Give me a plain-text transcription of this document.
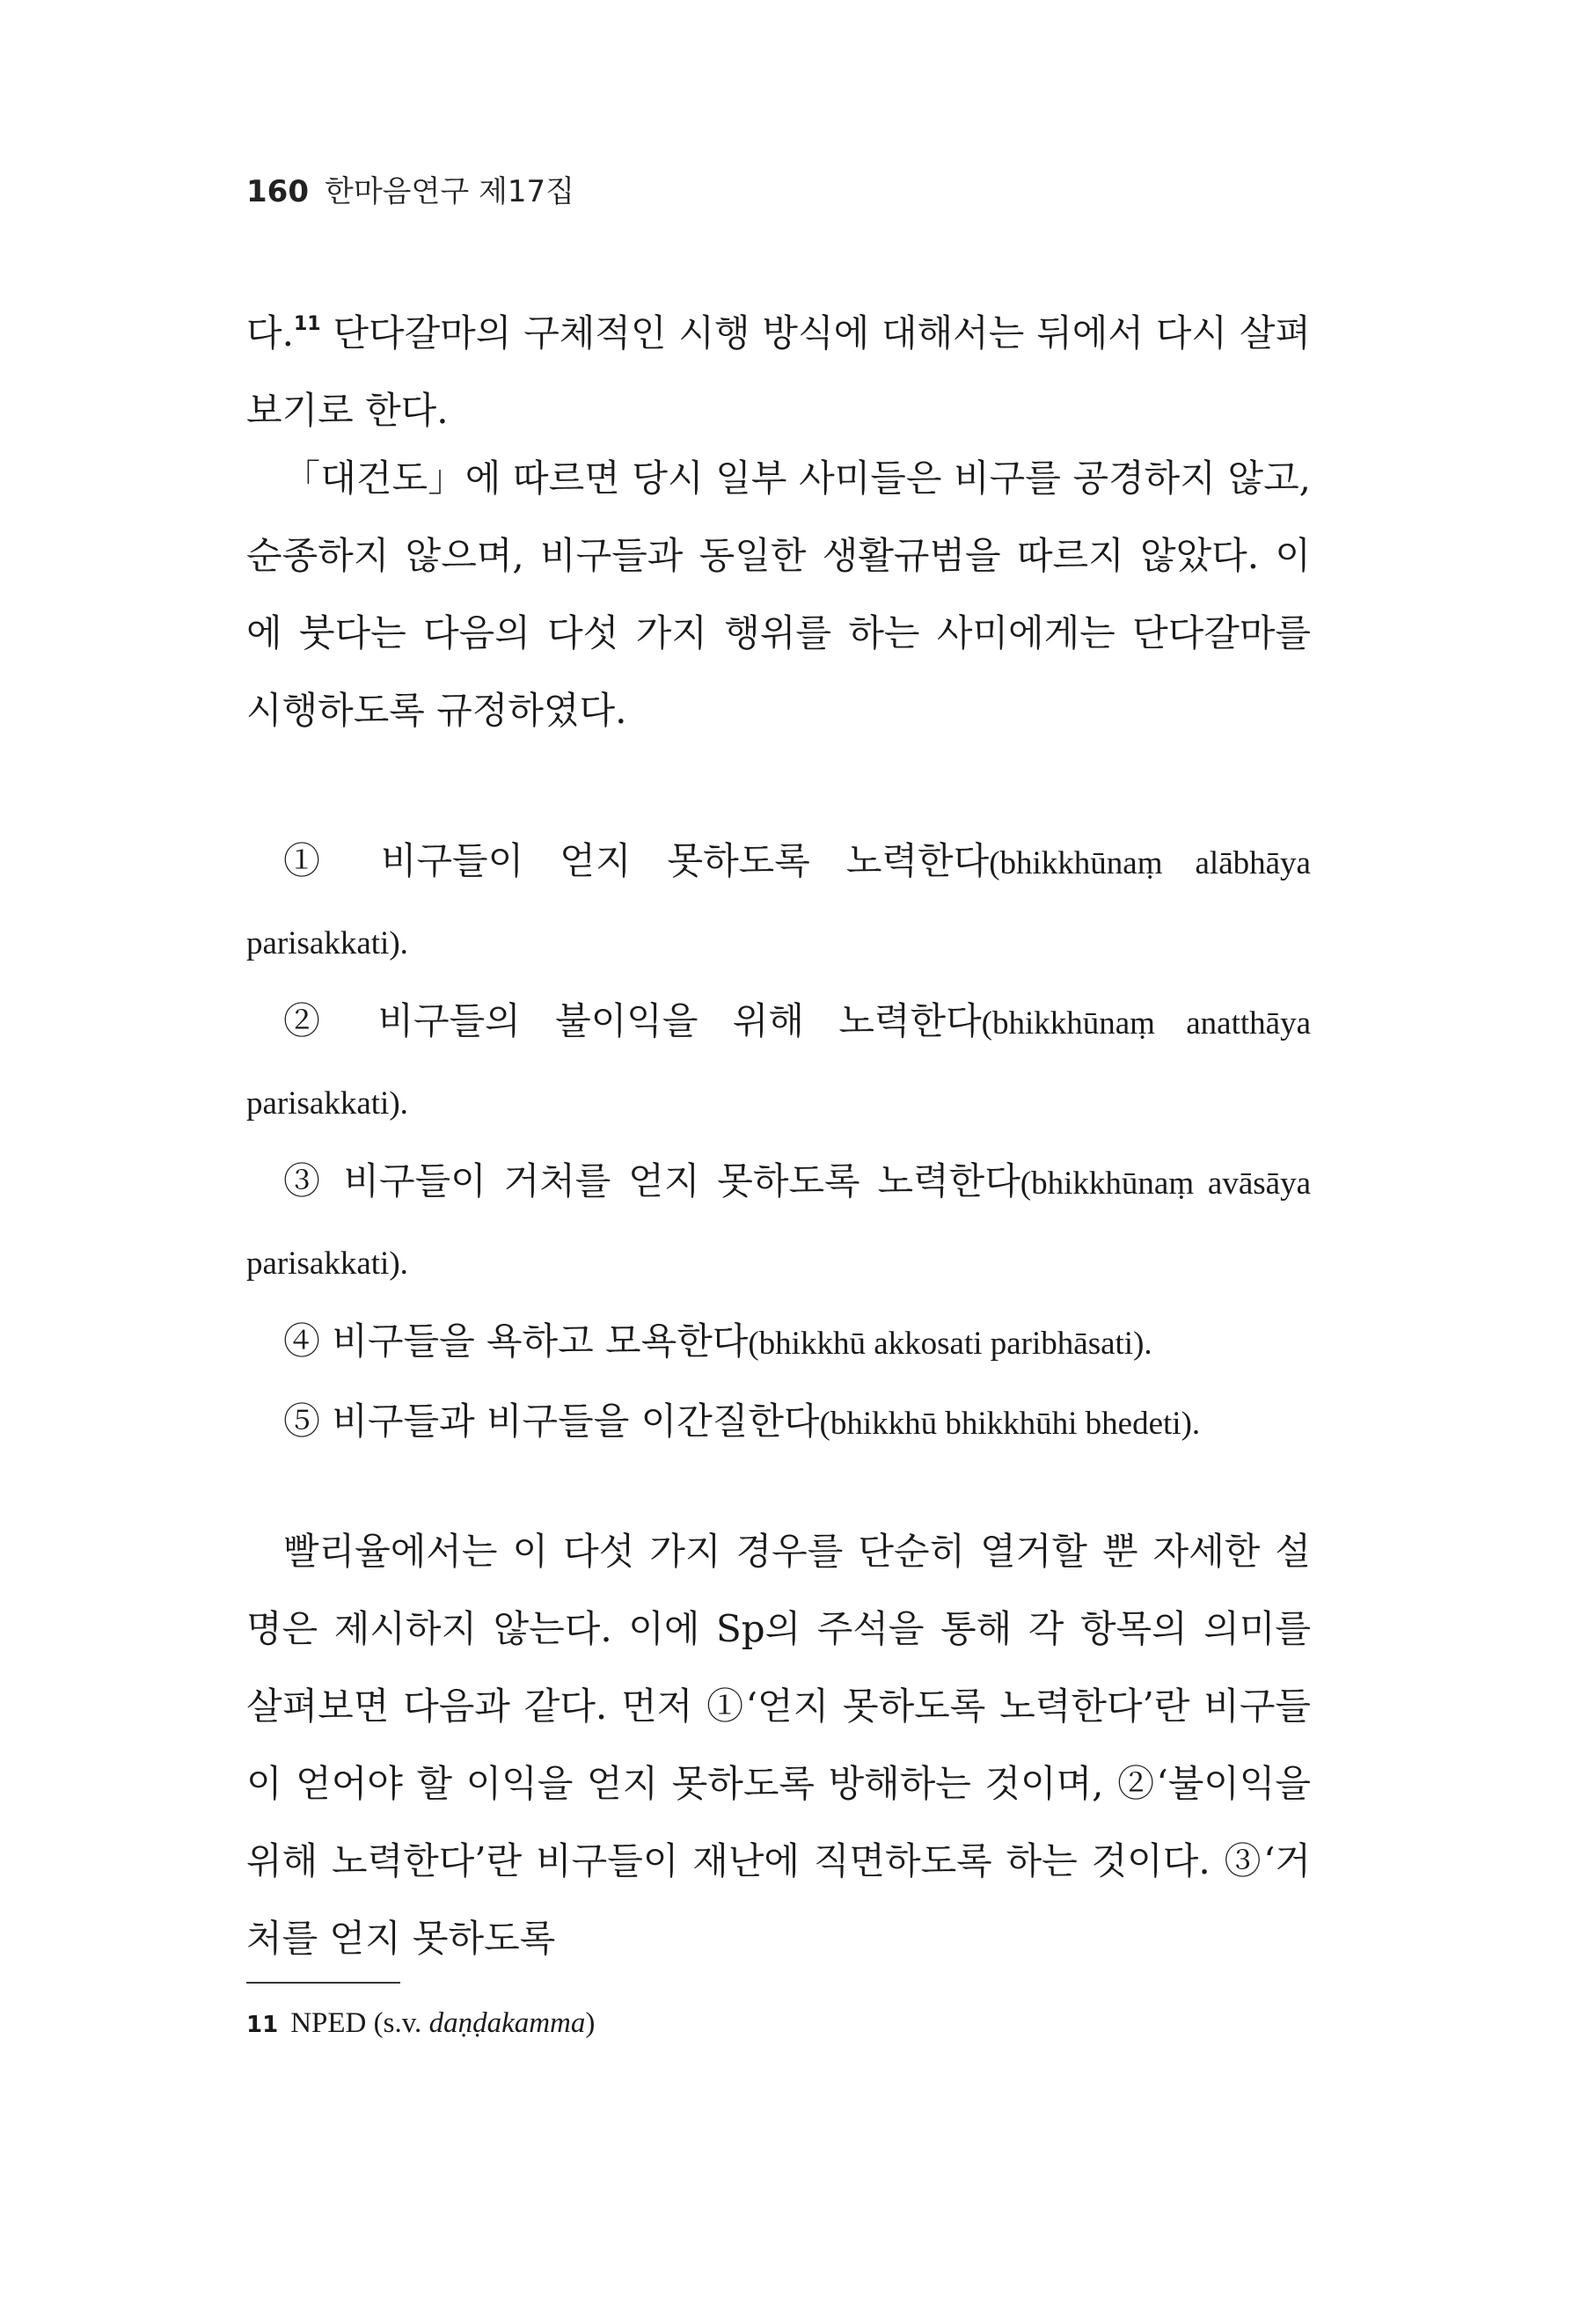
160 한마음연구 제17집
다.$^{11}$ 단다갈마의 구체적인 시행 방식에 대해서는 뒤에서 다시 살펴보기로 한다.
「대건도」에 따르면 당시 일부 사미들은 비구를 공경하지 않고, 순종하지 않으며, 비구들과 동일한 생활규범을 따르지 않았다. 이에 붓다는 다음의 다섯 가지 행위를 하는 사미에게는 단다갈마를 시행하도록 규정하였다.
① 비구들이 얻지 못하도록 노력한다(bhikkhūnaṃ alābhāya parisakkati).
② 비구들의 불이익을 위해 노력한다(bhikkhūnaṃ anatthāya parisakkati).
③ 비구들이 거처를 얻지 못하도록 노력한다(bhikkhūnaṃ avāsāya parisakkati).
④ 비구들을 욕하고 모욕한다(bhikkhū akkosati paribhāsati).
⑤ 비구들과 비구들을 이간질한다(bhikkhū bhikkhūhi bhedeti).
빨리율에서는 이 다섯 가지 경우를 단순히 열거할 뿐 자세한 설명은 제시하지 않는다. 이에 Sp의 주석을 통해 각 항목의 의미를 살펴보면 다음과 같다. 먼저 ①‘얻지 못하도록 노력한다’란 비구들이 얻어야 할 이익을 얻지 못하도록 방해하는 것이며, ②‘불이익을 위해 노력한다’란 비구들이 재난에 직면하도록 하는 것이다. ③‘거처를 얻지 못하도록
11 NPED (s.v. daṇḍakamma)
